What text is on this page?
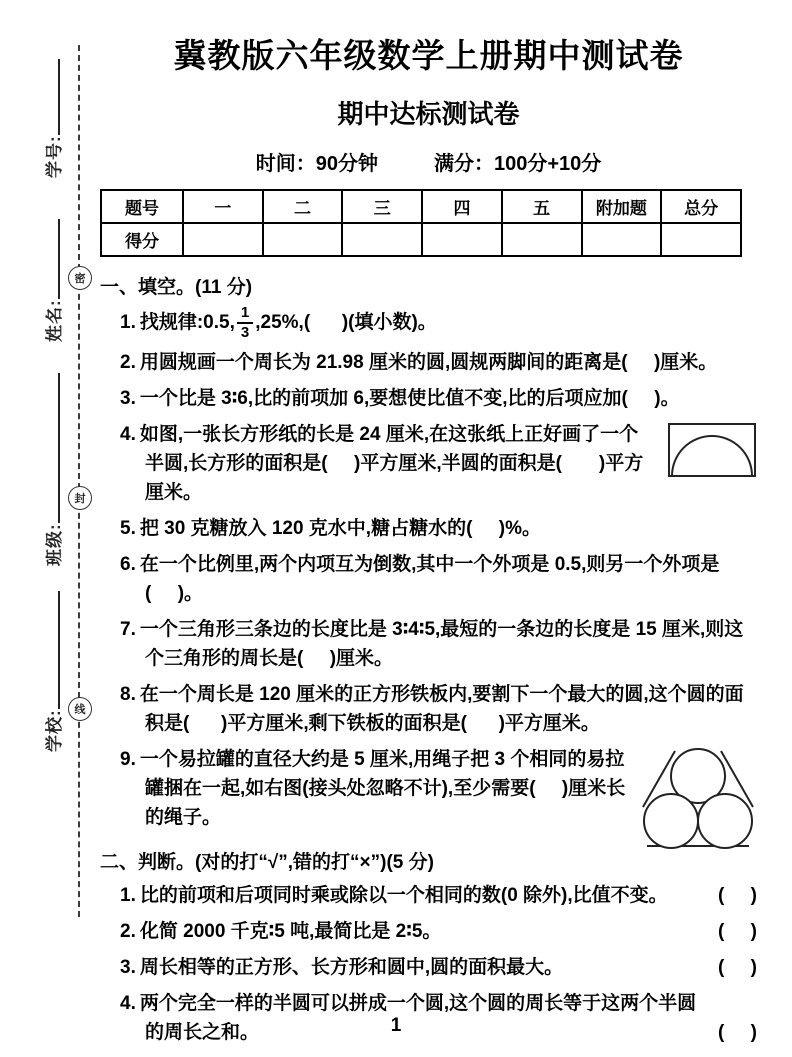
学号:
姓名:
班级:
学校:
密
封
线
冀教版六年级数学上册期中测试卷
期中达标测试卷
时间：90分钟	满分：100分+10分
题号	一	二	三	四	五	附加题	总分
得分							
一、填空。(11 分)
1. 找规律:0.5, $\frac{1}{3} ,25\%$,(      )(填小数)。
2. 用圆规画一个周长为 21.98 厘米的圆,圆规两脚间的距离是(     )厘米。
3. 一个比是 3∶6,比的前项加 6,要想使比值不变,比的后项应加(     )。
4. 如图,一张长方形纸的长是 24 厘米,在这张纸上正好画了一个半圆,长方形的面积是(     )平方厘米,半圆的面积是(       )平方厘米。
5. 把 30 克糖放入 120 克水中,糖占糖水的(     )%。
6. 在一个比例里,两个内项互为倒数,其中一个外项是 0.5,则另一个外项是(     )。
7. 一个三角形三条边的长度比是 3∶4∶5,最短的一条边的长度是 15 厘米,则这个三角形的周长是(     )厘米。
8. 在一个周长是 120 厘米的正方形铁板内,要割下一个最大的圆,这个圆的面积是(      )平方厘米,剩下铁板的面积是(      )平方厘米。
9. 一个易拉罐的直径大约是 5 厘米,用绳子把 3 个相同的易拉罐捆在一起,如右图(接头处忽略不计),至少需要(     )厘米长的绳子。
二、判断。(对的打“√”,错的打“×”)(5 分)
1. 比的前项和后项同时乘或除以一个相同的数(0 除外),比值不变。	(     )
2. 化简 2000 千克∶5 吨,最简比是 2∶5。	(     )
3. 周长相等的正方形、长方形和圆中,圆的面积最大。	(     )
4. 两个完全一样的半圆可以拼成一个圆,这个圆的周长等于这两个半圆的周长之和。	(     )
1
